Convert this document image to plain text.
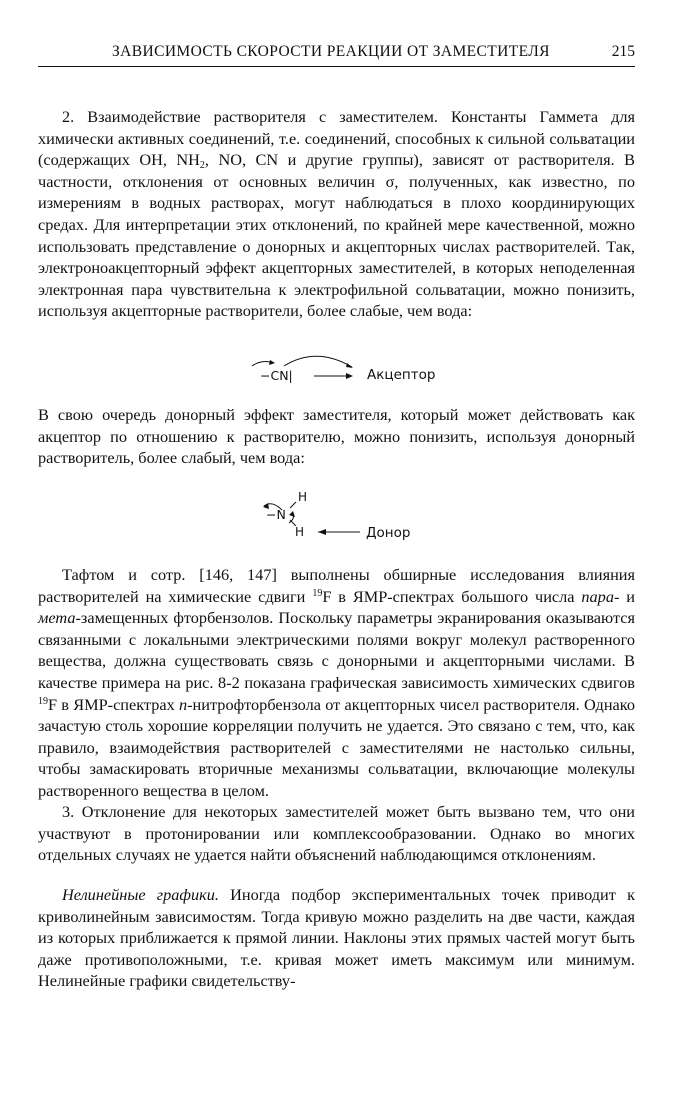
ЗАВИСИМОСТЬ СКОРОСТИ РЕАКЦИИ ОТ ЗАМЕСТИТЕЛЯ	215

2. Взаимодействие растворителя с заместителем. Константы Гаммета для химически активных соединений, т.е. соединений, способных к сильной сольватации (содержащих OH, $NH_2$, NO, CN и другие группы), зависят от растворителя. В частности, отклонения от основных величин σ, полученных, как известно, по измерениям в водных растворах, могут наблюдаться в плохо координирующих средах. Для интерпретации этих отклонений, по крайней мере качественной, можно использовать представление о донорных и акцепторных числах растворителей. Так, электроноакцепторный эффект акцепторных заместителей, в которых неподеленная электронная пара чувствительна к электрофильной сольватации, можно понизить, используя акцепторные растворители, более слабые, чем вода:

−CN|	Акцептор

В свою очередь донорный эффект заместителя, который может действовать как акцептор по отношению к растворителю, можно понизить, используя донорный растворитель, более слабый, чем вода:

−N
H
H	Донор

Тафтом и сотр. [146, 147] выполнены обширные исследования влияния растворителей на химические сдвиги $^{19}$F в ЯМР-спектрах большого числа пара- и мета-замещенных фторбензолов. Поскольку параметры экранирования оказываются связанными с локальными электрическими полями вокруг молекул растворенного вещества, должна существовать связь с донорными и акцепторными числами. В качестве примера на рис. 8-2 показана графическая зависимость химических сдвигов $^{19}$F в ЯМР-спектрах п-нитрофторбензола от акцепторных чисел растворителя. Однако зачастую столь хорошие корреляции получить не удается. Это связано с тем, что, как правило, взаимодействия растворителей с заместителями не настолько сильны, чтобы замаскировать вторичные механизмы сольватации, включающие молекулы растворенного вещества в целом.

3. Отклонение для некоторых заместителей может быть вызвано тем, что они участвуют в протонировании или комплексообразовании. Однако во многих отдельных случаях не удается найти объяснений наблюдающимся отклонениям.

Нелинейные графики. Иногда подбор экспериментальных точек приводит к криволинейным зависимостям. Тогда кривую можно разделить на две части, каждая из которых приближается к прямой линии. Наклоны этих прямых частей могут быть даже противоположными, т.е. кривая может иметь максимум или минимум. Нелинейные графики свидетельству-
